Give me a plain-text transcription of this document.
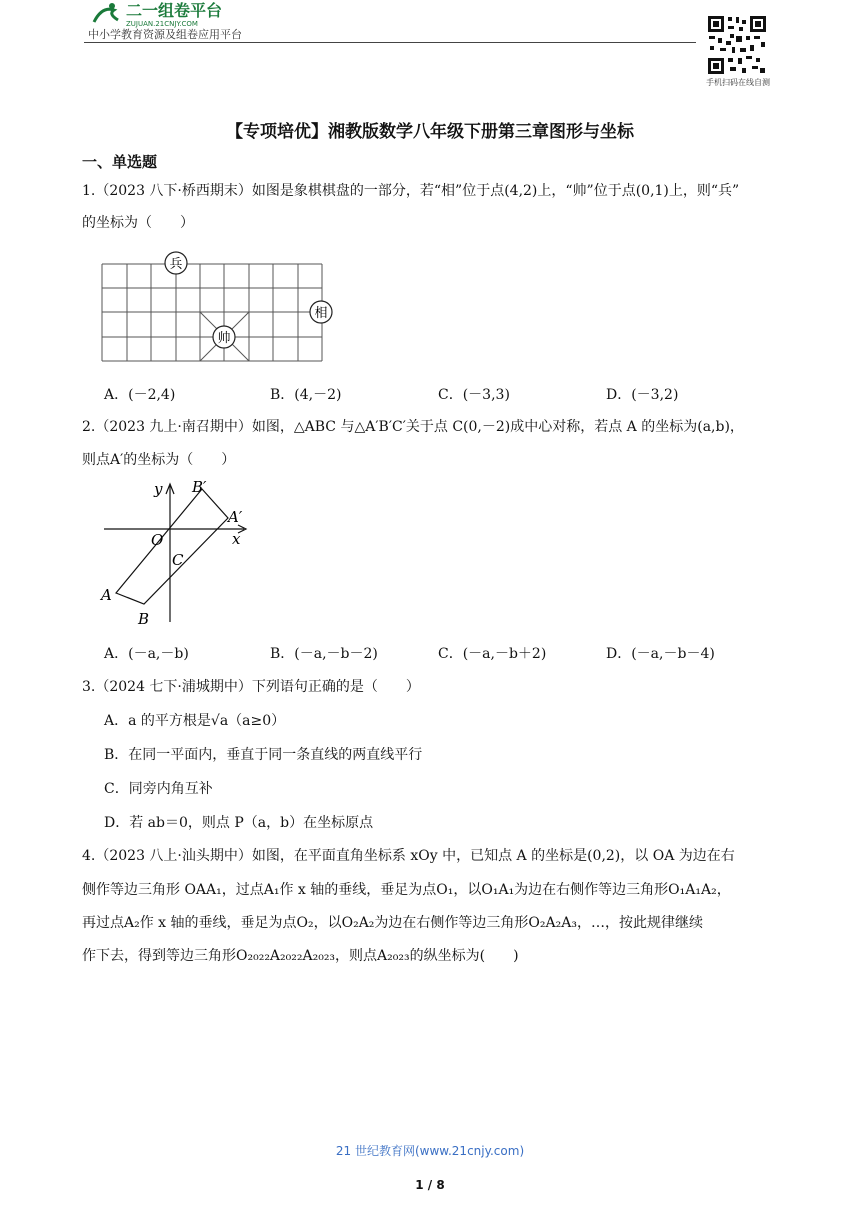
二一组卷平台
ZUJUAN.21CNJY.COM
中小学教育资源及组卷应用平台
手机扫码在线自测
【专项培优】湘教版数学八年级下册第三章图形与坐标
一、单选题
1.（2023 八下·桥西期末）如图是象棋棋盘的一部分，若“相”位于点(4,2)上，“帅”位于点(0,1)上，则“兵”
的坐标为（　　）
兵
相
帅
A．(－2,4)	B．(4,－2)	C．(－3,3)	D．(－3,2)
2.（2023 九上·南召期中）如图，△ABC 与△A′B′C′关于点 C(0,－2)成中心对称，若点 A 的坐标为(a,b)，
则点A′的坐标为（　　）
y
x
O
C
A
B
A′
B′
A．(－a,－b)	B．(－a,－b－2)	C．(－a,－b＋2)	D．(－a,－b－4)
3.（2024 七下·浦城期中）下列语句正确的是（　　）
A．a 的平方根是√a（a≥0）
B．在同一平面内，垂直于同一条直线的两直线平行
C．同旁内角互补
D．若 ab＝0，则点 P（a，b）在坐标原点
4.（2023 八上·汕头期中）如图，在平面直角坐标系 xOy 中，已知点 A 的坐标是(0,2)，以 OA 为边在右
侧作等边三角形 OAA₁，过点A₁作 x 轴的垂线，垂足为点O₁，以O₁A₁为边在右侧作等边三角形O₁A₁A₂，
再过点A₂作 x 轴的垂线，垂足为点O₂，以O₂A₂为边在右侧作等边三角形O₂A₂A₃，…，按此规律继续
作下去，得到等边三角形O₂₀₂₂A₂₀₂₂A₂₀₂₃，则点A₂₀₂₃的纵坐标为(　　)
21 世纪教育网(www.21cnjy.com)
1 / 8
